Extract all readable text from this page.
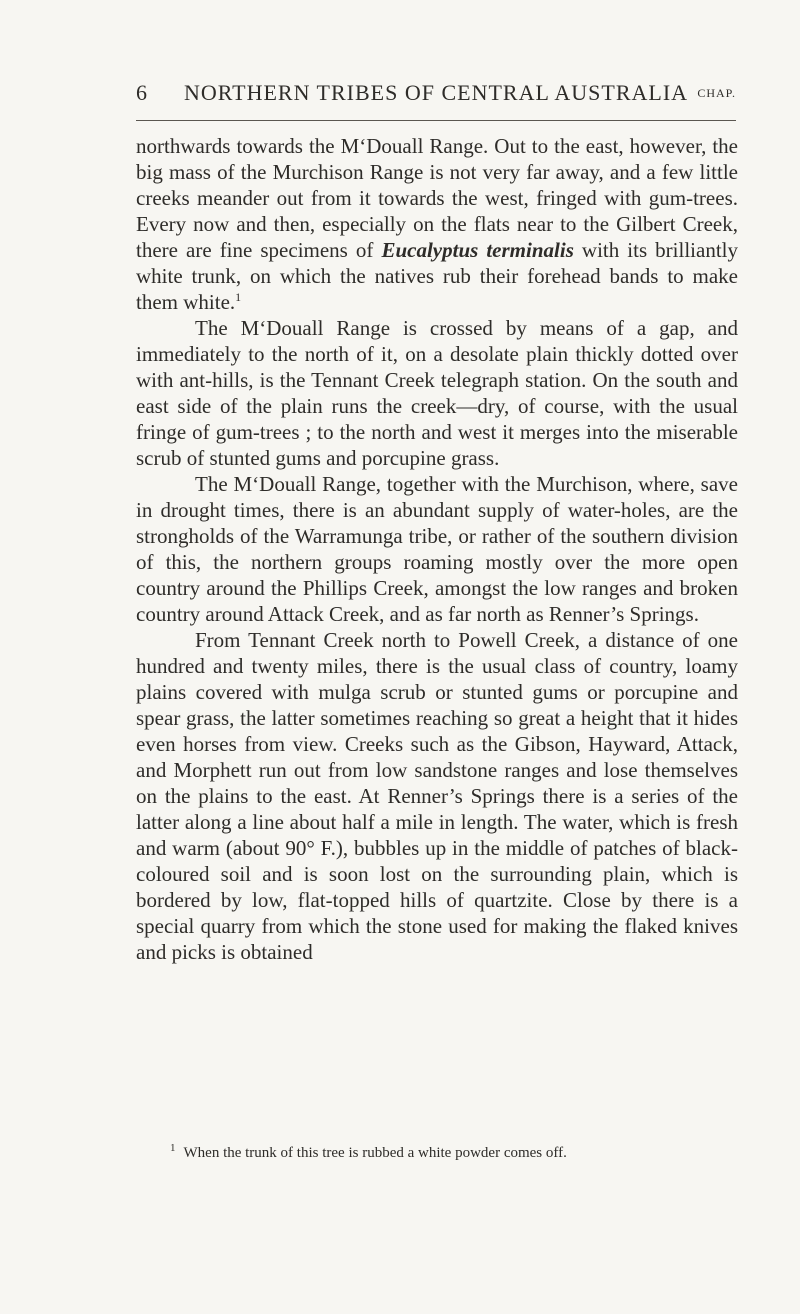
6 NORTHERN TRIBES OF CENTRAL AUSTRALIA CHAP.

northwards towards the M‘Douall Range. Out to the east, however, the big mass of the Murchison Range is not very far away, and a few little creeks meander out from it towards the west, fringed with gum-trees. Every now and then, especially on the flats near to the Gilbert Creek, there are fine specimens of Eucalyptus terminalis with its brilliantly white trunk, on which the natives rub their forehead bands to make them white.$^1$

The M‘Douall Range is crossed by means of a gap, and immediately to the north of it, on a desolate plain thickly dotted over with ant-hills, is the Tennant Creek telegraph station. On the south and east side of the plain runs the creek—dry, of course, with the usual fringe of gum-trees ; to the north and west it merges into the miserable scrub of stunted gums and porcupine grass.

The M‘Douall Range, together with the Murchison, where, save in drought times, there is an abundant supply of water-holes, are the strongholds of the Warramunga tribe, or rather of the southern division of this, the northern groups roaming mostly over the more open country around the Phillips Creek, amongst the low ranges and broken country around Attack Creek, and as far north as Renner’s Springs.

From Tennant Creek north to Powell Creek, a distance of one hundred and twenty miles, there is the usual class of country, loamy plains covered with mulga scrub or stunted gums or porcupine and spear grass, the latter sometimes reaching so great a height that it hides even horses from view. Creeks such as the Gibson, Hayward, Attack, and Morphett run out from low sandstone ranges and lose themselves on the plains to the east. At Renner’s Springs there is a series of the latter along a line about half a mile in length. The water, which is fresh and warm (about 90° F.), bubbles up in the middle of patches of black-coloured soil and is soon lost on the surrounding plain, which is bordered by low, flat-topped hills of quartzite. Close by there is a special quarry from which the stone used for making the flaked knives and picks is obtained

$^1$ When the trunk of this tree is rubbed a white powder comes off.
